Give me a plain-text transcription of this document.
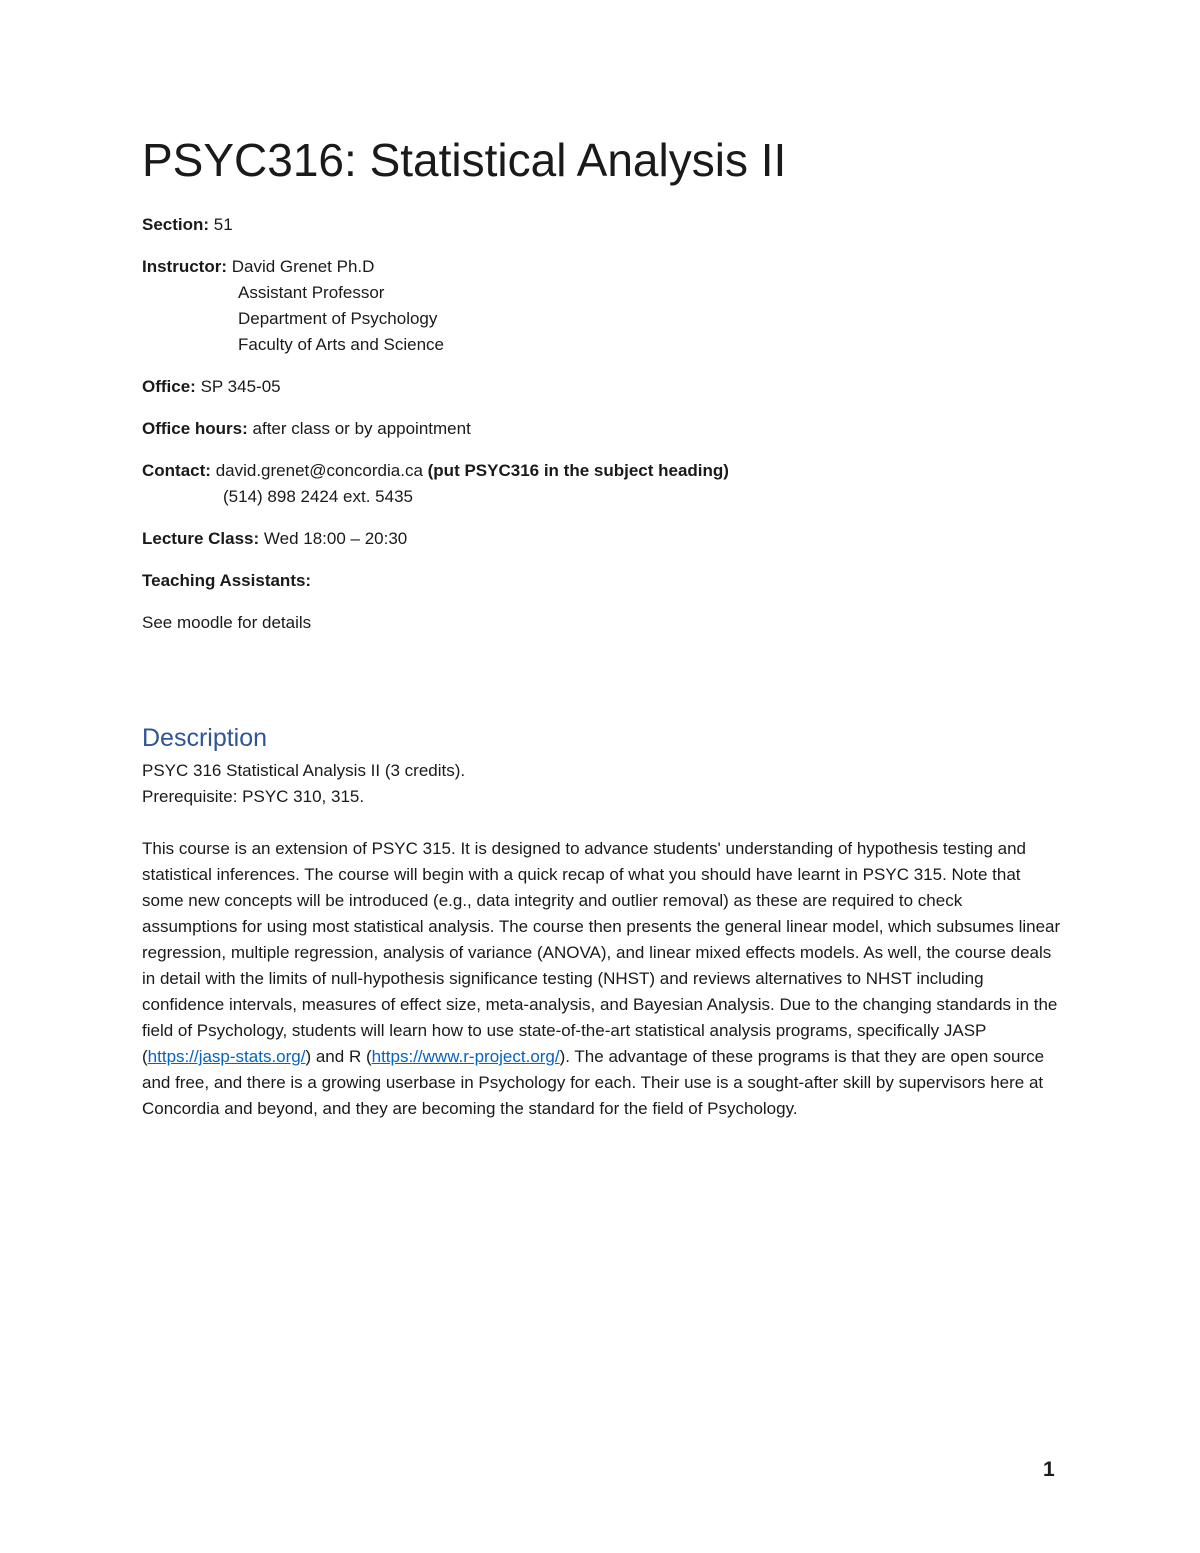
PSYC316: Statistical Analysis II
Section: 51
Instructor: David Grenet Ph.D
Assistant Professor
Department of Psychology
Faculty of Arts and Science
Office: SP 345-05
Office hours: after class or by appointment
Contact: david.grenet@concordia.ca (put PSYC316 in the subject heading)
(514) 898 2424 ext. 5435
Lecture Class: Wed 18:00 – 20:30
Teaching Assistants:
See moodle for details
Description
PSYC 316 Statistical Analysis II (3 credits).
Prerequisite: PSYC 310, 315.
This course is an extension of PSYC 315. It is designed to advance students' understanding of hypothesis testing and statistical inferences. The course will begin with a quick recap of what you should have learnt in PSYC 315. Note that some new concepts will be introduced (e.g., data integrity and outlier removal) as these are required to check assumptions for using most statistical analysis. The course then presents the general linear model, which subsumes linear regression, multiple regression, analysis of variance (ANOVA), and linear mixed effects models. As well, the course deals in detail with the limits of null-hypothesis significance testing (NHST) and reviews alternatives to NHST including confidence intervals, measures of effect size, meta-analysis, and Bayesian Analysis. Due to the changing standards in the field of Psychology, students will learn how to use state-of-the-art statistical analysis programs, specifically JASP (https://jasp-stats.org/) and R (https://www.r-project.org/). The advantage of these programs is that they are open source and free, and there is a growing userbase in Psychology for each. Their use is a sought-after skill by supervisors here at Concordia and beyond, and they are becoming the standard for the field of Psychology.
1
